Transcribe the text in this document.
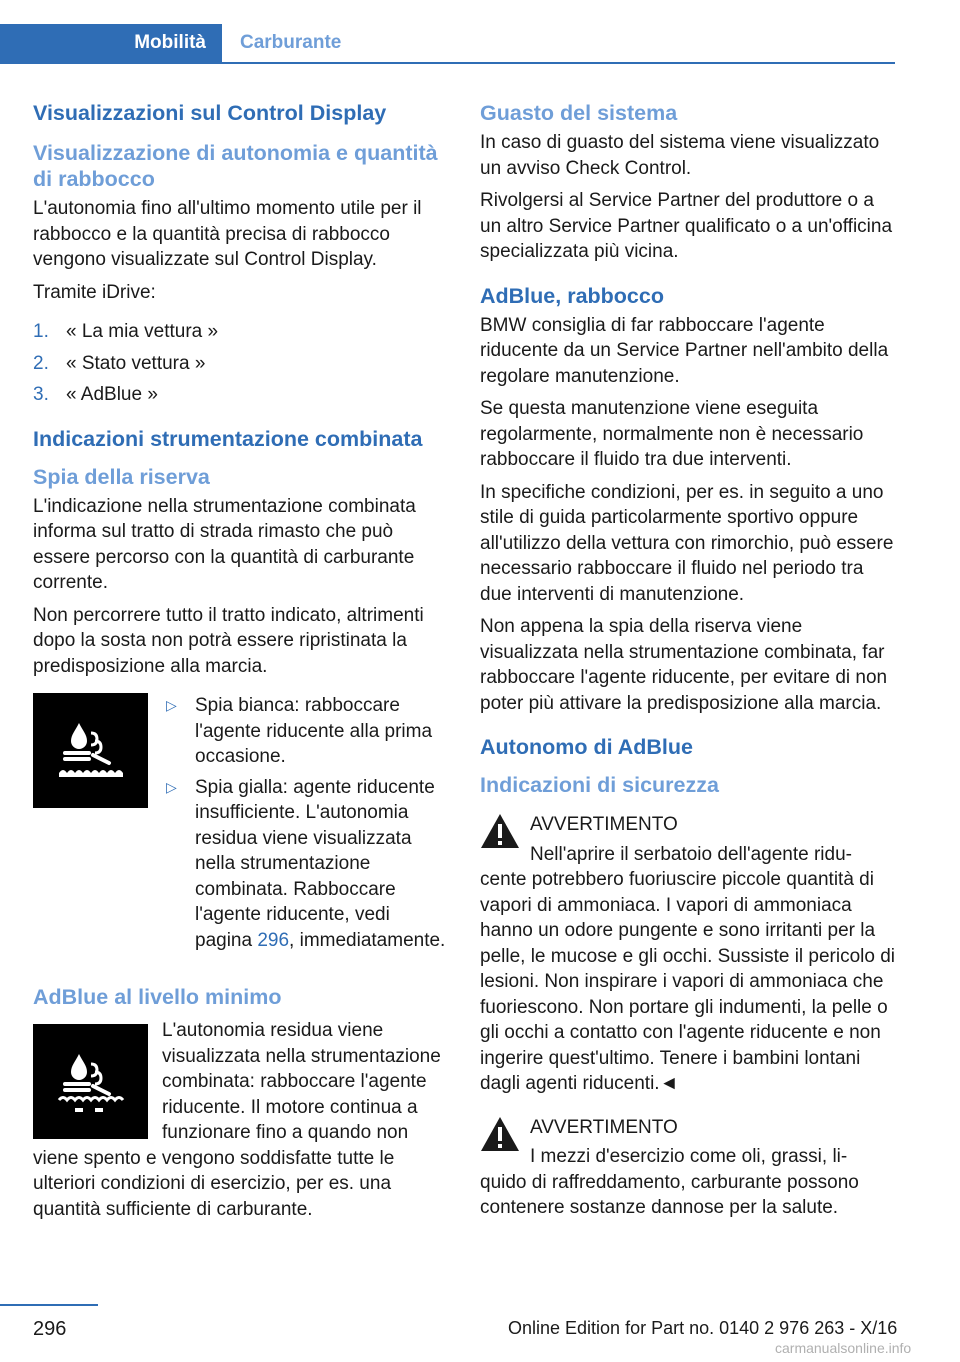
Mobilità	Carburante
Visualizzazioni sul Control Display
Visualizzazione di autonomia e quantità di rabbocco

L'autonomia fino all'ultimo momento utile per il rabbocco e la quantità precisa di rabbocco vengono visualizzate sul Control Display.

Tramite iDrive:

1. « La mia vettura »
2. « Stato vettura »
3. « AdBlue »
Indicazioni strumentazione combinata
Spia della riserva

L'indicazione nella strumentazione combinata informa sul tratto di strada rimasto che può essere percorso con la quantità di carburante corrente.

Non percorrere tutto il tratto indicato, altrimenti dopo la sosta non potrà essere ripristinata la predisposizione alla marcia.

▷ Spia bianca: rabboccare l'agente riducente alla prima occasione.
▷ Spia gialla: agente riducente insufficiente. L'autonomia residua viene visualizzata nella strumentazione combinata. Rabboccare l'agente riducente, vedi pagina 296, immediatamente.
AdBlue al livello minimo

L'autonomia residua viene visualizzata nella strumentazione combinata: rabboccare l'agente riducente. Il motore continua a funzionare fino a quando non viene spento e vengono soddisfatte tutte le ulteriori condizioni di esercizio, per es. una quantità sufficiente di carburante.

Guasto del sistema

In caso di guasto del sistema viene visualizzato un avviso Check Control.

Rivolgersi al Service Partner del produttore o a un altro Service Partner qualificato o a un'officina specializzata più vicina.

AdBlue, rabbocco

BMW consiglia di far rabboccare l'agente riducente da un Service Partner nell'ambito della regolare manutenzione.

Se questa manutenzione viene eseguita regolarmente, normalmente non è necessario rabboccare il fluido tra due interventi.

In specifiche condizioni, per es. in seguito a uno stile di guida particolarmente sportivo oppure all'utilizzo della vettura con rimorchio, può essere necessario rabboccare il fluido nel periodo tra due interventi di manutenzione.

Non appena la spia della riserva viene visualizzata nella strumentazione combinata, far rabboccare l'agente riducente, per evitare di non poter più attivare la predisposizione alla marcia.

Autonomo di AdBlue
Indicazioni di sicurezza
AVVERTIMENTO
Nell'aprire il serbatoio dell'agente ridu-

cente potrebbero fuoriuscire piccole quantità di vapori di ammoniaca. I vapori di ammoniaca hanno un odore pungente e sono irritanti per la pelle, le mucose e gli occhi. Sussiste il pericolo di lesioni. Non inspirare i vapori di ammoniaca che fuoriescono. Non portare gli indumenti, la pelle o gli occhi a contatto con l'agente riducente e non ingerire quest'ultimo. Tenere i bambini lontani dagli agenti riducenti.◄

AVVERTIMENTO
I mezzi d'esercizio come oli, grassi, li-

quido di raffreddamento, carburante possono contenere sostanze dannose per la salute.

296	Online Edition for Part no. 0140 2 976 263 - X/16
carmanualsonline.info
